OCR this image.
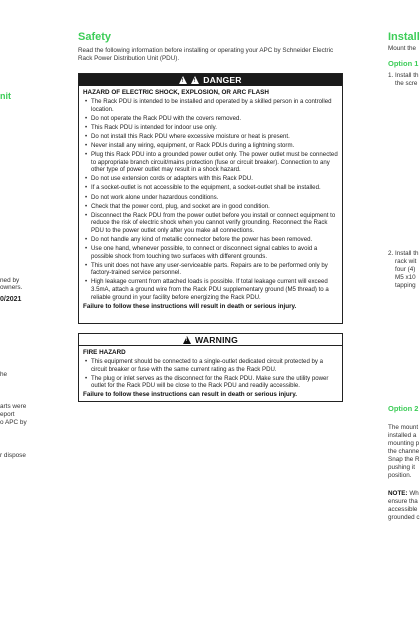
nit
ned by
owners.
0/2021
he
arts were
eport
o APC by
r dispose
Safety

Read the following information before installing or operating your APC by Schneider Electric Rack Power Distribution Unit (PDU).

!
!
DANGER
HAZARD OF ELECTRIC SHOCK, EXPLOSION, OR ARC FLASH
• The Rack PDU is intended to be installed and operated by a skilled person in a controlled location.
• Do not operate the Rack PDU with the covers removed.
• This Rack PDU is intended for indoor use only.
• Do not install this Rack PDU where excessive moisture or heat is present.
• Never install any wiring, equipment, or Rack PDUs during a lightning storm.
• Plug this Rack PDU into a grounded power outlet only. The power outlet must be connected to appropriate branch circuit/mains protection (fuse or circuit breaker). Connection to any other type of power outlet may result in a shock hazard.
• Do not use extension cords or adapters with this Rack PDU.
• If a socket-outlet is not accessible to the equipment, a socket-outlet shall be installed.
• Do not work alone under hazardous conditions.
• Check that the power cord, plug, and socket are in good condition.
• Disconnect the Rack PDU from the power outlet before you install or connect equipment to reduce the risk of electric shock when you cannot verify grounding. Reconnect the Rack PDU to the power outlet only after you make all connections.
• Do not handle any kind of metallic connector before the power has been removed.
• Use one hand, whenever possible, to connect or disconnect signal cables to avoid a possible shock from touching two surfaces with different grounds.
• This unit does not have any user-serviceable parts. Repairs are to be performed only by factory-trained service personnel.
• High leakage current from attached loads is possible. If total leakage current will exceed 3.5mA, attach a ground wire from the Rack PDU supplementary ground (M5 thread) to a reliable ground in your facility before energizing the Rack PDU.
Failure to follow these instructions will result in death or serious injury.
!
WARNING
FIRE HAZARD
• This equipment should be connected to a single-outlet dedicated circuit protected by a circuit breaker or fuse with the same current rating as the Rack PDU.
• The plug or inlet serves as the disconnect for the Rack PDU. Make sure the utility power outlet for the Rack PDU will be close to the Rack PDU and readily accessible.
Failure to follow these instructions can result in death or serious injury.
Install
Mount the
Option 1
1. Install th
the scre
2. Install th
rack wit
four (4)
M5 x10
tapping
Option 2
The mount
installed a
mounting p
the channe
Snap the R
pushing it
position.
NOTE: Wh
ensure tha
accessible
grounded c
